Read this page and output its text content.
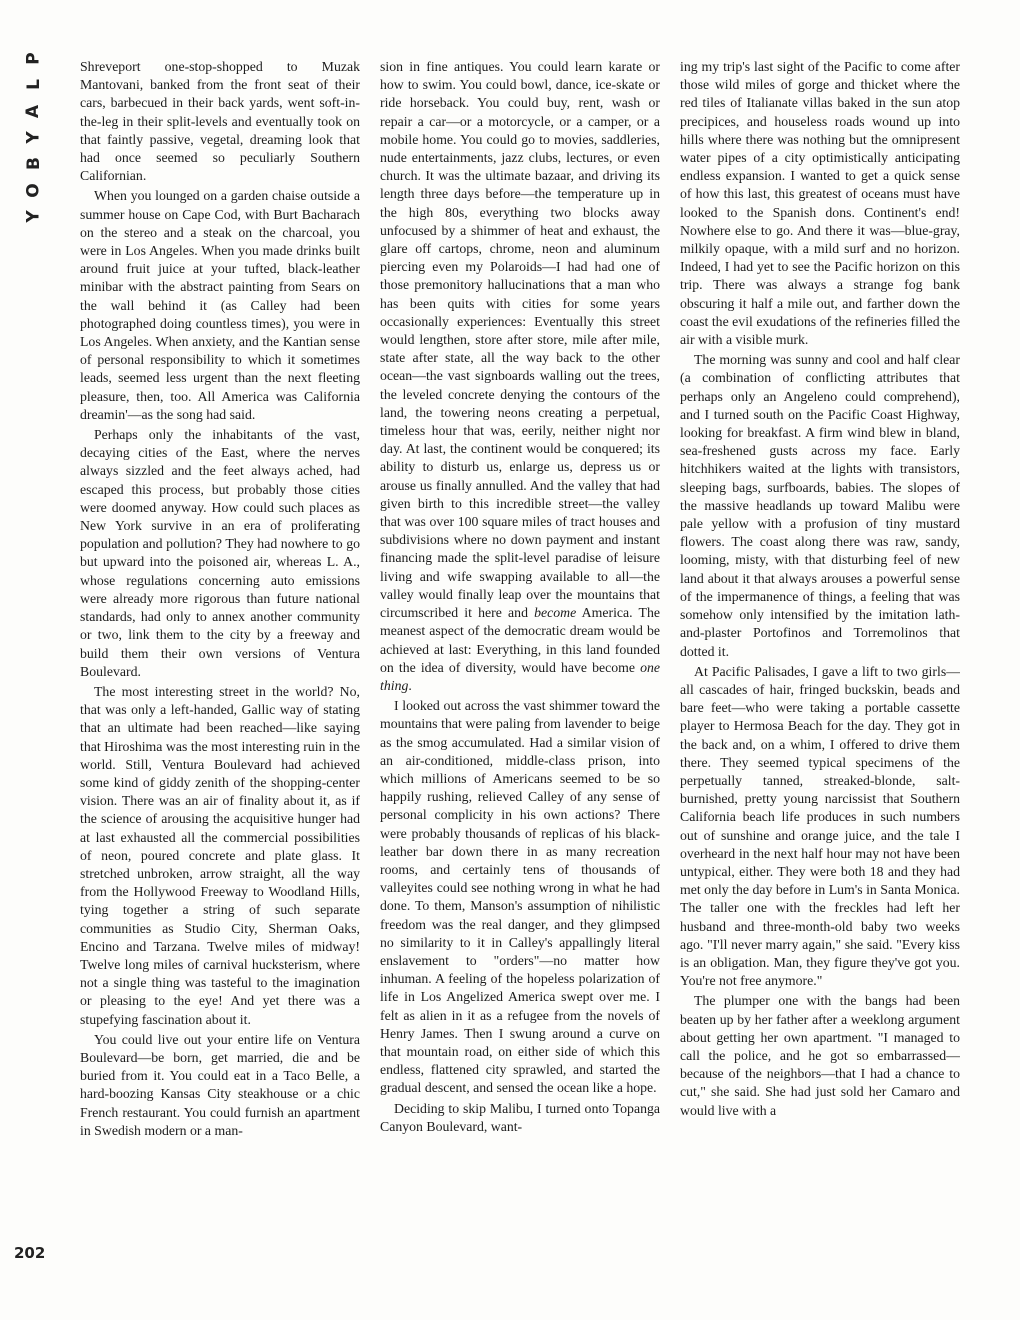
P
L
A
Y
B
O
Y
202

Shreveport one-stop-shopped to Muzak Mantovani, banked from the front seat of their cars, barbecued in their back yards, went soft-in-the-leg in their split-levels and eventually took on that faintly passive, vegetal, dreaming look that had once seemed so peculiarly Southern Californian.

When you lounged on a garden chaise outside a summer house on Cape Cod, with Burt Bacharach on the stereo and a steak on the charcoal, you were in Los Angeles. When you made drinks built around fruit juice at your tufted, black-leather minibar with the abstract painting from Sears on the wall behind it (as Calley had been photographed doing countless times), you were in Los Angeles. When anxiety, and the Kantian sense of personal responsibility to which it sometimes leads, seemed less urgent than the next fleeting pleasure, then, too. All America was California dreamin'—as the song had said.

Perhaps only the inhabitants of the vast, decaying cities of the East, where the nerves always sizzled and the feet always ached, had escaped this process, but probably those cities were doomed anyway. How could such places as New York survive in an era of proliferating population and pollution? They had nowhere to go but upward into the poisoned air, whereas L. A., whose regulations concerning auto emissions were already more rigorous than future national standards, had only to annex another community or two, link them to the city by a freeway and build them their own versions of Ventura Boulevard.

The most interesting street in the world? No, that was only a left-handed, Gallic way of stating that an ultimate had been reached—like saying that Hiroshima was the most interesting ruin in the world. Still, Ventura Boulevard had achieved some kind of giddy zenith of the shopping-center vision. There was an air of finality about it, as if the science of arousing the acquisitive hunger had at last exhausted all the commercial possibilities of neon, poured concrete and plate glass. It stretched unbroken, arrow straight, all the way from the Hollywood Freeway to Woodland Hills, tying together a string of such separate communities as Studio City, Sherman Oaks, Encino and Tarzana. Twelve miles of midway! Twelve long miles of carnival hucksterism, where not a single thing was tasteful to the imagination or pleasing to the eye! And yet there was a stupefying fascination about it.

You could live out your entire life on Ventura Boulevard—be born, get married, die and be buried from it. You could eat in a Taco Belle, a hard-boozing Kansas City steakhouse or a chic French restaurant. You could furnish an apartment in Swedish modern or a man-

sion in fine antiques. You could learn karate or how to swim. You could bowl, dance, ice-skate or ride horseback. You could buy, rent, wash or repair a car—or a motorcycle, or a camper, or a mobile home. You could go to movies, saddleries, nude entertainments, jazz clubs, lectures, or even church. It was the ultimate bazaar, and driving its length three days before—the temperature up in the high 80s, everything two blocks away unfocused by a shimmer of heat and exhaust, the glare off cartops, chrome, neon and aluminum piercing even my Polaroids—I had had one of those premonitory hallucinations that a man who has been quits with cities for some years occasionally experiences: Eventually this street would lengthen, store after store, mile after mile, state after state, all the way back to the other ocean—the vast signboards walling out the trees, the leveled concrete denying the contours of the land, the towering neons creating a perpetual, timeless hour that was, eerily, neither night nor day. At last, the continent would be conquered; its ability to disturb us, enlarge us, depress us or arouse us finally annulled. And the valley that had given birth to this incredible street—the valley that was over 100 square miles of tract houses and subdivisions where no down payment and instant financing made the split-level paradise of leisure living and wife swapping available to all—the valley would finally leap over the mountains that circumscribed it here and become America. The meanest aspect of the democratic dream would be achieved at last: Everything, in this land founded on the idea of diversity, would have become one thing.

I looked out across the vast shimmer toward the mountains that were paling from lavender to beige as the smog accumulated. Had a similar vision of an air-conditioned, middle-class prison, into which millions of Americans seemed to be so happily rushing, relieved Calley of any sense of personal complicity in his own actions? There were probably thousands of replicas of his black-leather bar down there in as many recreation rooms, and certainly tens of thousands of valleyites could see nothing wrong in what he had done. To them, Manson's assumption of nihilistic freedom was the real danger, and they glimpsed no similarity to it in Calley's appallingly literal enslavement to "orders"—no matter how inhuman. A feeling of the hopeless polarization of life in Los Angelized America swept over me. I felt as alien in it as a refugee from the novels of Henry James. Then I swung around a curve on that mountain road, on either side of which this endless, flattened city sprawled, and started the gradual descent, and sensed the ocean like a hope.

Deciding to skip Malibu, I turned onto Topanga Canyon Boulevard, want-

ing my trip's last sight of the Pacific to come after those wild miles of gorge and thicket where the red tiles of Italianate villas baked in the sun atop precipices, and houseless roads wound up into hills where there was nothing but the omnipresent water pipes of a city optimistically anticipating endless expansion. I wanted to get a quick sense of how this last, this greatest of oceans must have looked to the Spanish dons. Continent's end! Nowhere else to go. And there it was—blue-gray, milkily opaque, with a mild surf and no horizon. Indeed, I had yet to see the Pacific horizon on this trip. There was always a strange fog bank obscuring it half a mile out, and farther down the coast the evil exudations of the refineries filled the air with a visible murk.

The morning was sunny and cool and half clear (a combination of conflicting attributes that perhaps only an Angeleno could comprehend), and I turned south on the Pacific Coast Highway, looking for breakfast. A firm wind blew in bland, sea-freshened gusts across my face. Early hitchhikers waited at the lights with transistors, sleeping bags, surfboards, babies. The slopes of the massive headlands up toward Malibu were pale yellow with a profusion of tiny mustard flowers. The coast along there was raw, sandy, looming, misty, with that disturbing feel of new land about it that always arouses a powerful sense of the impermanence of things, a feeling that was somehow only intensified by the imitation lath-and-plaster Portofinos and Torremolinos that dotted it.

At Pacific Palisades, I gave a lift to two girls—all cascades of hair, fringed buckskin, beads and bare feet—who were taking a portable cassette player to Hermosa Beach for the day. They got in the back and, on a whim, I offered to drive them there. They seemed typical specimens of the perpetually tanned, streaked-blonde, salt-burnished, pretty young narcissist that Southern California beach life produces in such numbers out of sunshine and orange juice, and the tale I overheard in the next half hour may not have been untypical, either. They were both 18 and they had met only the day before in Lum's in Santa Monica. The taller one with the freckles had left her husband and three-month-old baby two weeks ago. "I'll never marry again," she said. "Every kiss is an obligation. Man, they figure they've got you. You're not free anymore."

The plumper one with the bangs had been beaten up by her father after a weeklong argument about getting her own apartment. "I managed to call the police, and he got so embarrassed—because of the neighbors—that I had a chance to cut," she said. She had just sold her Camaro and would live with a
